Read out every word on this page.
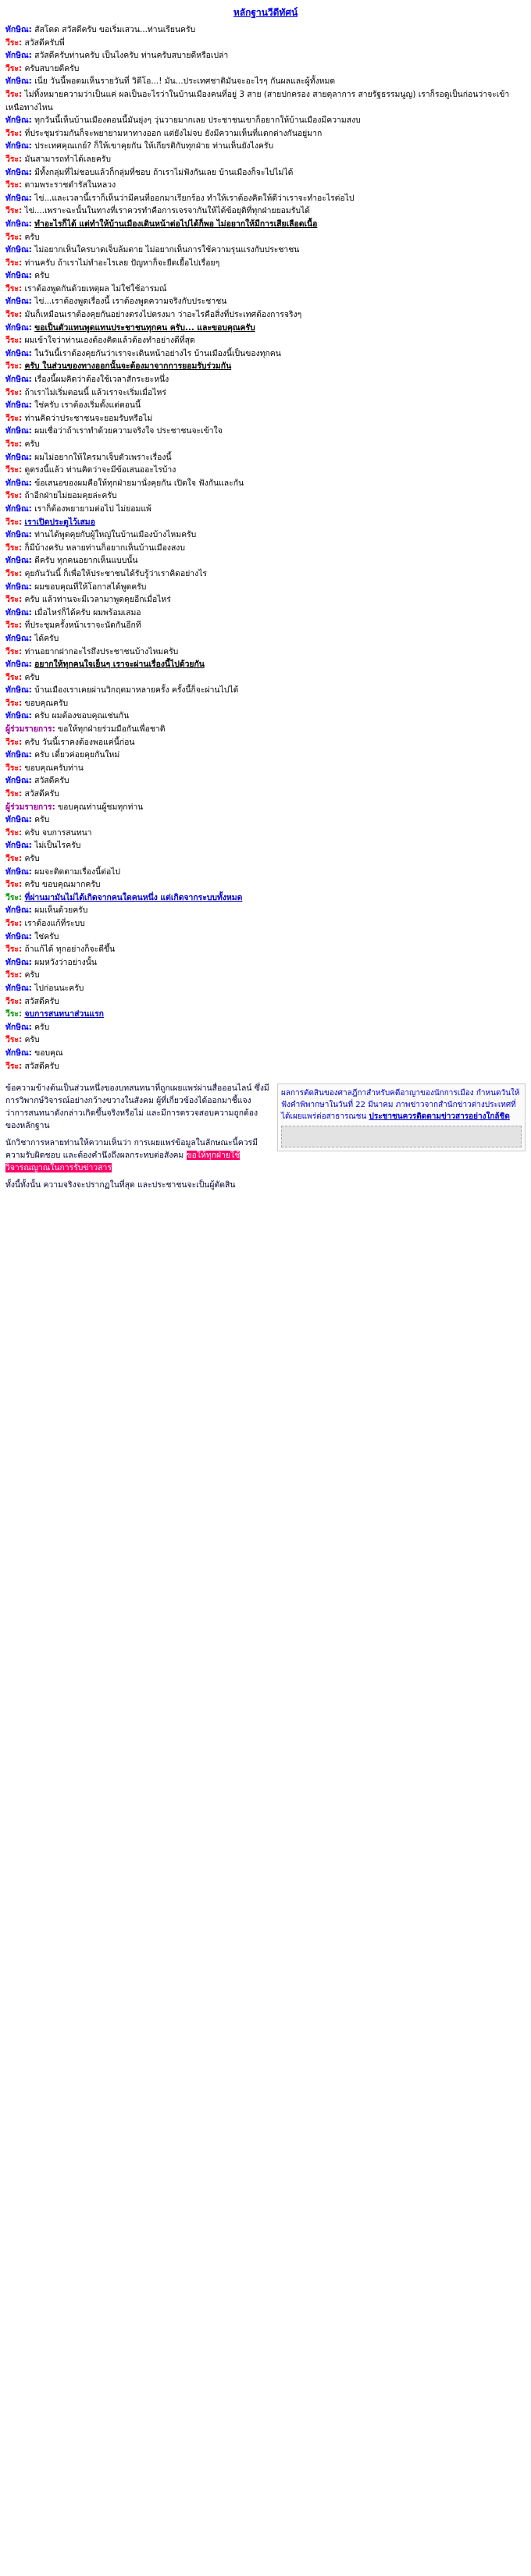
หลักฐานวีดีทัศน์
ทักษิณ: สัสโดด สวัสดีครับ ขอเริ่มเสวน...ท่านเรียนครับ
วีระ: สวัสดีครับพี่
ทักษิณ: สวัสดีครับท่านครับ เป็นไงครับ ท่านครับสบายดีหรือเปล่า
วีระ: ครับสบายดีครับ
ทักษิณ: เนี่ย วันนี้พอดมเห็นรายวันที่ วิดีโอ...! มัน...ประเทศชาติมันจะอะไรๆ กันผลและผู้ทั้งหมด
วีระ: ไม่ทิ้งหมายความว่าเป็นแค่ ผลเป็นอะไรว่าในบ้านเมืองคนที่อยู่ 3 สาย (สายปกครอง สายตุลาการ สายรัฐธรรมนูญ) เราก็รอดูเป็นก่อนว่าจะเข้าเหนือทางไหน
ทักษิณ: ทุกวันนี้เห็นบ้านเมืองตอนนี้มันยุ่งๆ วุ่นวายมากเลย ประชาชนเขาก็อยากให้บ้านเมืองมีความสงบ
วีระ: ที่ประชุมร่วมกันก็จะพยายามหาทางออก แต่ยังไม่จบ ยังมีความเห็นที่แตกต่างกันอยู่มาก
ทักษิณ: ประเทศคุณเกย์? ก็ให้เขาคุยกัน ให้เกียรติกับทุกฝ่าย ท่านเห็นยังไงครับ
วีระ: มันสามารถทำได้เลยครับ
ทักษิณ: มีทั้งกลุ่มที่ไม่ชอบแล้วก็กลุ่มที่ชอบ ถ้าเราไม่ฟังกันเลย บ้านเมืองก็จะไปไม่ได้
วีระ: ตามพระราชดำรัสในหลวง
ทักษิณ: ไข่...และเวลานี้เราก็เห็นว่ามีคนที่ออกมาเรียกร้อง ทำให้เราต้องคิดให้ดีว่าเราจะทำอะไรต่อไป
วีระ: ไข่....เพราะฉะนั้นในทางที่เราควรทำคือการเจรจากันให้ได้ข้อยุติที่ทุกฝ่ายยอมรับได้
ทักษิณ: ทำอะไรก็ได้ แต่ทำให้บ้านเมืองเดินหน้าต่อไปได้ก็พอ ไม่อยากให้มีการเสียเลือดเนื้อ
วีระ: ครับ
ทักษิณ: ไม่อยากเห็นใครบาดเจ็บล้มตาย ไม่อยากเห็นการใช้ความรุนแรงกับประชาชน
วีระ: ท่านครับ ถ้าเราไม่ทำอะไรเลย ปัญหาก็จะยืดเยื้อไปเรื่อยๆ
ทักษิณ: ครับ
วีระ: เราต้องพูดกันด้วยเหตุผล ไม่ใช่ใช้อารมณ์
ทักษิณ: ไข่...เราต้องพูดเรื่องนี้ เราต้องพูดความจริงกับประชาชน
วีระ: มันก็เหมือนเราต้องคุยกันอย่างตรงไปตรงมา ว่าอะไรคือสิ่งที่ประเทศต้องการจริงๆ
ทักษิณ: ขอเป็นตัวแทนพูดแทนประชาชนทุกคน ครับ... และขอบคุณครับ
วีระ: ผมเข้าใจว่าท่านเองต้องคิดแล้วต้องทำอย่างดีที่สุด
ทักษิณ: ในวันนี้เราต้องคุยกันว่าเราจะเดินหน้าอย่างไร บ้านเมืองนี้เป็นของทุกคน
วีระ: ครับ ในส่วนของทางออกนั้นจะต้องมาจากการยอมรับร่วมกัน
ทักษิณ: เรื่องนี้ผมคิดว่าต้องใช้เวลาสักระยะหนึ่ง
วีระ: ถ้าเราไม่เริ่มตอนนี้ แล้วเราจะเริ่มเมื่อไหร่
ทักษิณ: ใช่ครับ เราต้องเริ่มตั้งแต่ตอนนี้
วีระ: ท่านคิดว่าประชาชนจะยอมรับหรือไม่
ทักษิณ: ผมเชื่อว่าถ้าเราทำด้วยความจริงใจ ประชาชนจะเข้าใจ
วีระ: ครับ
ทักษิณ: ผมไม่อยากให้ใครมาเจ็บตัวเพราะเรื่องนี้
วีระ: ดูตรงนี้แล้ว ท่านคิดว่าจะมีข้อเสนออะไรบ้าง
ทักษิณ: ข้อเสนอของผมคือให้ทุกฝ่ายมานั่งคุยกัน เปิดใจ ฟังกันและกัน
วีระ: ถ้าอีกฝ่ายไม่ยอมคุยล่ะครับ
ทักษิณ: เราก็ต้องพยายามต่อไป ไม่ยอมแพ้
วีระ: เราเปิดประตูไว้เสมอ
ทักษิณ: ท่านได้พูดคุยกับผู้ใหญ่ในบ้านเมืองบ้างไหมครับ
วีระ: ก็มีบ้างครับ หลายท่านก็อยากเห็นบ้านเมืองสงบ
ทักษิณ: ดีครับ ทุกคนอยากเห็นแบบนั้น
วีระ: คุยกันวันนี้ ก็เพื่อให้ประชาชนได้รับรู้ว่าเราคิดอย่างไร
ทักษิณ: ผมขอบคุณที่ให้โอกาสได้พูดครับ
วีระ: ครับ แล้วท่านจะมีเวลามาพูดคุยอีกเมื่อไหร่
ทักษิณ: เมื่อไหร่ก็ได้ครับ ผมพร้อมเสมอ
วีระ: ที่ประชุมครั้งหน้าเราจะนัดกันอีกที
ทักษิณ: ได้ครับ
วีระ: ท่านอยากฝากอะไรถึงประชาชนบ้างไหมครับ
ทักษิณ: อยากให้ทุกคนใจเย็นๆ เราจะผ่านเรื่องนี้ไปด้วยกัน
วีระ: ครับ
ทักษิณ: บ้านเมืองเราเคยผ่านวิกฤตมาหลายครั้ง ครั้งนี้ก็จะผ่านไปได้
วีระ: ขอบคุณครับ
ทักษิณ: ครับ ผมต้องขอบคุณเช่นกัน
ผู้ร่วมรายการ: ขอให้ทุกฝ่ายร่วมมือกันเพื่อชาติ
วีระ: ครับ วันนี้เราคงต้องพอแค่นี้ก่อน
ทักษิณ: ครับ เดี๋ยวค่อยคุยกันใหม่
วีระ: ขอบคุณครับท่าน
ทักษิณ: สวัสดีครับ
วีระ: สวัสดีครับ
ผู้ร่วมรายการ: ขอบคุณท่านผู้ชมทุกท่าน
ทักษิณ: ครับ
วีระ: ครับ จบการสนทนา
ทักษิณ: ไม่เป็นไรครับ
วีระ: ครับ
ทักษิณ: ผมจะติดตามเรื่องนี้ต่อไป
วีระ: ครับ ขอบคุณมากครับ
วีระ: ที่ผ่านมามันไม่ได้เกิดจากคนใดคนหนึ่ง แต่เกิดจากระบบทั้งหมด
ทักษิณ: ผมเห็นด้วยครับ
วีระ: เราต้องแก้ที่ระบบ
ทักษิณ: ใช่ครับ
วีระ: ถ้าแก้ได้ ทุกอย่างก็จะดีขึ้น
ทักษิณ: ผมหวังว่าอย่างนั้น
วีระ: ครับ
ทักษิณ: ไปก่อนนะครับ
วีระ: สวัสดีครับ
วีระ: จบการสนทนาส่วนแรก
ทักษิณ: ครับ
วีระ: ครับ
ทักษิณ: ขอบคุณ
วีระ: สวัสดีครับ
ผลการตัดสินของศาลฎีกาสำหรับคดีอาญาของนักการเมือง กำหนดวันให้ฟังคำพิพากษาในวันที่ 22 มีนาคม ภาพข่าวจากสำนักข่าวต่างประเทศที่ได้เผยแพร่ต่อสาธารณชน ประชาชนควรติดตามข่าวสารอย่างใกล้ชิด

ข้อความข้างต้นเป็นส่วนหนึ่งของบทสนทนาที่ถูกเผยแพร่ผ่านสื่อออนไลน์ ซึ่งมีการวิพากษ์วิจารณ์อย่างกว้างขวางในสังคม ผู้ที่เกี่ยวข้องได้ออกมาชี้แจงว่าการสนทนาดังกล่าวเกิดขึ้นจริงหรือไม่ และมีการตรวจสอบความถูกต้องของหลักฐาน

นักวิชาการหลายท่านให้ความเห็นว่า การเผยแพร่ข้อมูลในลักษณะนี้ควรมีความรับผิดชอบ และต้องคำนึงถึงผลกระทบต่อสังคม ขอให้ทุกฝ่ายใช้วิจารณญาณในการรับข่าวสาร

ทั้งนี้ทั้งนั้น ความจริงจะปรากฏในที่สุด และประชาชนจะเป็นผู้ตัดสิน
